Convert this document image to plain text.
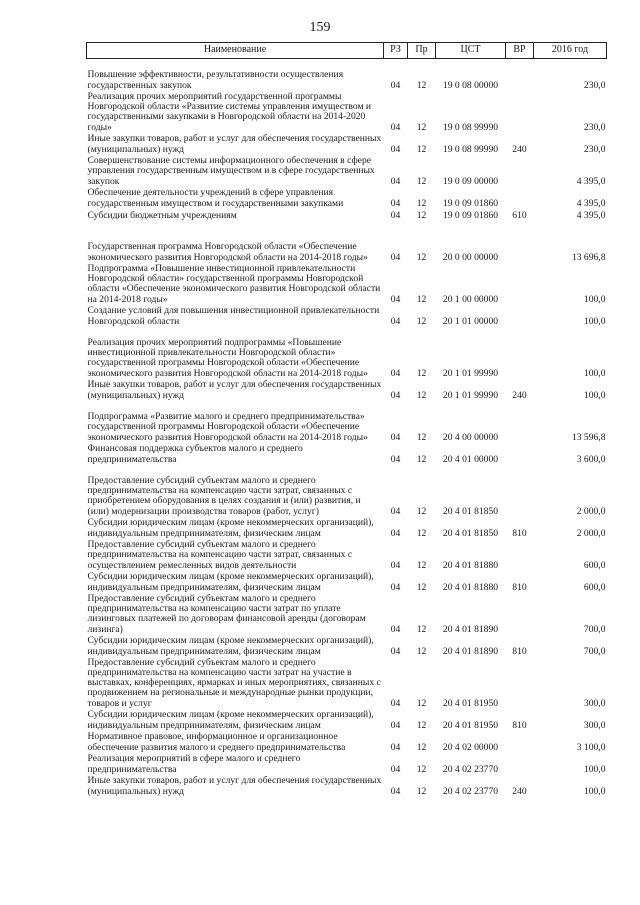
159
Наименование	РЗ	Пр	ЦСТ	ВР	2016 год
Повышение эффективности, результативности осуществления государственных закупок	04	12	19 0 08 00000		230,0
Реализация прочих мероприятий государственной программы Новгородской области «Развитие системы управления имуществом и государственными закупками в Новгородской области на 2014-2020 годы»	04	12	19 0 08 99990		230,0
Иные закупки товаров, работ и услуг для обеспечения государственных (муниципальных) нужд	04	12	19 0 08 99990	240	230,0
Совершенствование системы информационного обеспечения в сфере управления государственным имуществом и в сфере государственных закупок	04	12	19 0 09 00000		4 395,0
Обеспечение деятельности учреждений в сфере управления государственным имуществом и государственными закупками	04	12	19 0 09 01860		4 395,0
Субсидии бюджетным учреждениям	04	12	19 0 09 01860	610	4 395,0
Государственная программа Новгородской области «Обеспечение экономического развития Новгородской области на 2014-2018 годы»	04	12	20 0 00 00000		13 696,8
Подпрограмма «Повышение инвестиционной привлекательности Новгородской области» государственной программы Новгородской области «Обеспечение экономического развития Новгородской области на 2014-2018 годы»	04	12	20 1 00 00000		100,0
Создание условий для повышения инвестиционной привлекательности Новгородской области	04	12	20 1 01 00000		100,0
Реализация прочих мероприятий подпрограммы «Повышение инвестиционной привлекательности Новгородской области» государственной программы Новгородской области «Обеспечение экономического развития Новгородской области на 2014-2018 годы»	04	12	20 1 01 99990		100,0
Иные закупки товаров, работ и услуг для обеспечения государственных (муниципальных) нужд	04	12	20 1 01 99990	240	100,0
Подпрограмма «Развитие малого и среднего предпринимательства» государственной программы Новгородской области «Обеспечение экономического развития Новгородской области на 2014-2018 годы»	04	12	20 4 00 00000		13 596,8
Финансовая поддержка субъектов малого и среднего предпринимательства	04	12	20 4 01 00000		3 600,0
Предоставление субсидий субъектам малого и среднего предпринимательства на компенсацию части затрат, связанных с приобретением оборудования в целях создания и (или) развития, и (или) модернизации производства товаров (работ, услуг)	04	12	20 4 01 81850		2 000,0
Субсидии юридическим лицам (кроме некоммерческих организаций), индивидуальным предпринимателям, физическим лицам	04	12	20 4 01 81850	810	2 000,0
Предоставление субсидий субъектам малого и среднего предпринимательства на компенсацию части затрат, связанных с осуществлением ремесленных видов деятельности	04	12	20 4 01 81880		600,0
Субсидии юридическим лицам (кроме некоммерческих организаций), индивидуальным предпринимателям, физическим лицам	04	12	20 4 01 81880	810	600,0
Предоставление субсидий субъектам малого и среднего предпринимательства на компенсацию части затрат по уплате лизинговых платежей по договорам финансовой аренды (договорам лизинга)	04	12	20 4 01 81890		700,0
Субсидии юридическим лицам (кроме некоммерческих организаций), индивидуальным предпринимателям, физическим лицам	04	12	20 4 01 81890	810	700,0
Предоставление субсидий субъектам малого и среднего предпринимательства на компенсацию части затрат на участие в выставках, конференциях, ярмарках и иных мероприятиях, связанных с продвижением на региональные и международные рынки продукции, товаров и услуг	04	12	20 4 01 81950		300,0
Субсидии юридическим лицам (кроме некоммерческих организаций), индивидуальным предпринимателям, физическим лицам	04	12	20 4 01 81950	810	300,0
Нормативное правовое, информационное и организационное обеспечение развития малого и среднего предпринимательства	04	12	20 4 02 00000		3 100,0
Реализация мероприятий в сфере малого и среднего предпринимательства	04	12	20 4 02 23770		100,0
Иные закупки товаров, работ и услуг для обеспечения государственных (муниципальных) нужд	04	12	20 4 02 23770	240	100,0
